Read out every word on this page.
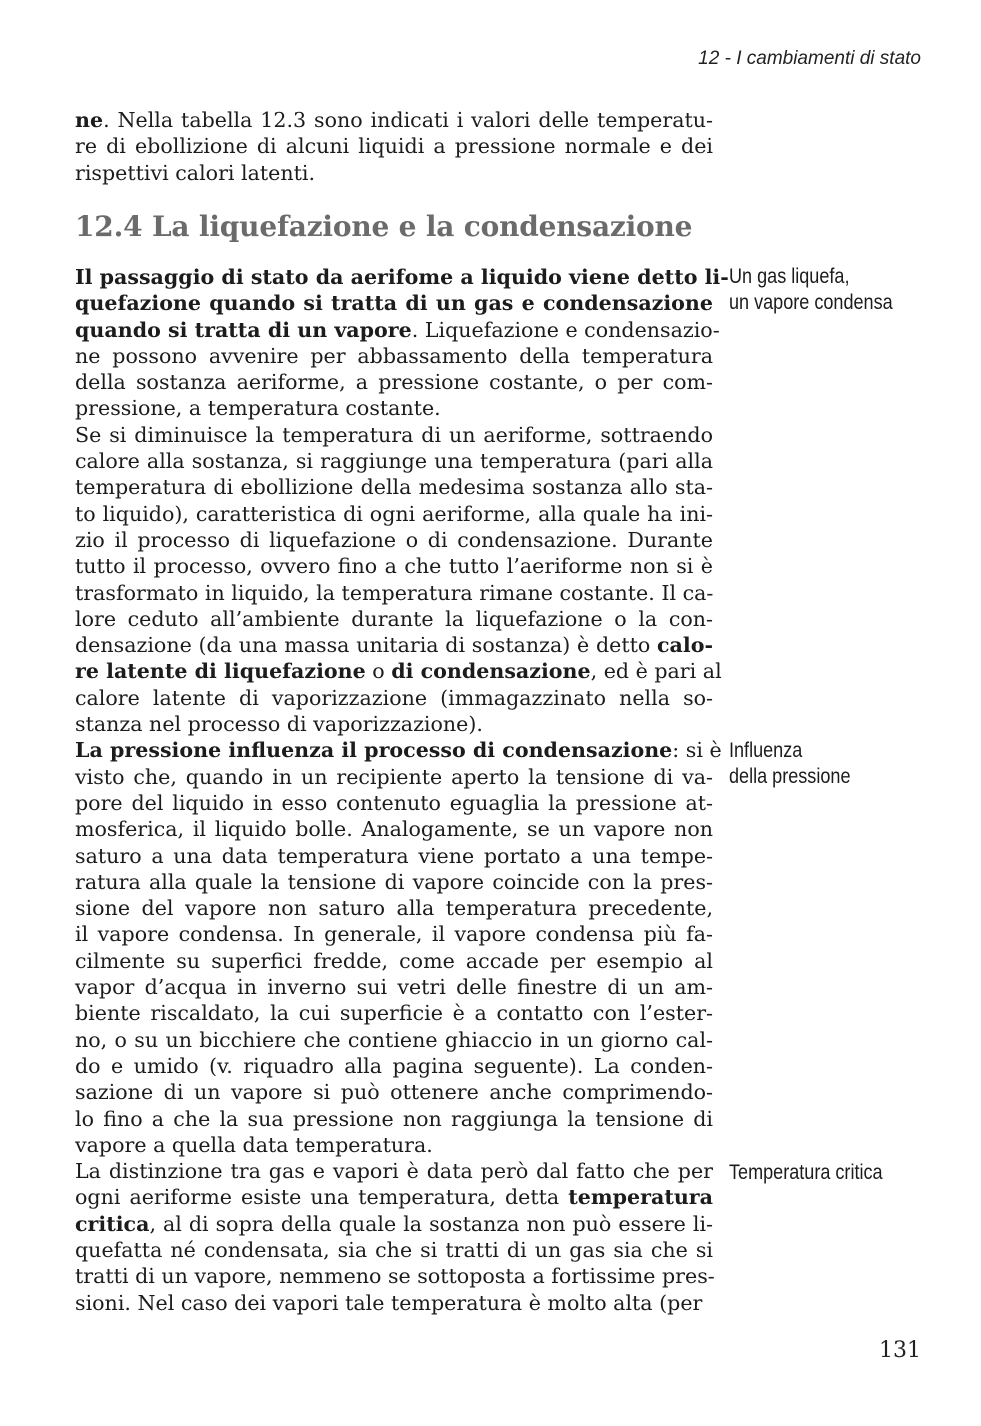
12 - I cambiamenti di stato
ne. Nella tabella 12.3 sono indicati i valori delle temperatu-
re di ebollizione di alcuni liquidi a pressione normale e dei
rispettivi calori latenti.
12.4 La liquefazione e la condensazione
Il passaggio di stato da aerifome a liquido viene detto li-
quefazione quando si tratta di un gas e condensazione
quando si tratta di un vapore. Liquefazione e condensazio-
ne possono avvenire per abbassamento della temperatura
della sostanza aeriforme, a pressione costante, o per com-
pressione, a temperatura costante.
Se si diminuisce la temperatura di un aeriforme, sottraendo
calore alla sostanza, si raggiunge una temperatura (pari alla
temperatura di ebollizione della medesima sostanza allo sta-
to liquido), caratteristica di ogni aeriforme, alla quale ha ini-
zio il processo di liquefazione o di condensazione. Durante
tutto il processo, ovvero fino a che tutto l’aeriforme non si è
trasformato in liquido, la temperatura rimane costante. Il ca-
lore ceduto all’ambiente durante la liquefazione o la con-
densazione (da una massa unitaria di sostanza) è detto calo-
re latente di liquefazione o di condensazione, ed è pari al
calore latente di vaporizzazione (immagazzinato nella so-
stanza nel processo di vaporizzazione).
La pressione influenza il processo di condensazione: si è
visto che, quando in un recipiente aperto la tensione di va-
pore del liquido in esso contenuto eguaglia la pressione at-
mosferica, il liquido bolle. Analogamente, se un vapore non
saturo a una data temperatura viene portato a una tempe-
ratura alla quale la tensione di vapore coincide con la pres-
sione del vapore non saturo alla temperatura precedente,
il vapore condensa. In generale, il vapore condensa più fa-
cilmente su superfici fredde, come accade per esempio al
vapor d’acqua in inverno sui vetri delle finestre di un am-
biente riscaldato, la cui superficie è a contatto con l’ester-
no, o su un bicchiere che contiene ghiaccio in un giorno cal-
do e umido (v. riquadro alla pagina seguente). La conden-
sazione di un vapore si può ottenere anche comprimendo-
lo fino a che la sua pressione non raggiunga la tensione di
vapore a quella data temperatura.
La distinzione tra gas e vapori è data però dal fatto che per
ogni aeriforme esiste una temperatura, detta temperatura
critica, al di sopra della quale la sostanza non può essere li-
quefatta né condensata, sia che si tratti di un gas sia che si
tratti di un vapore, nemmeno se sottoposta a fortissime pres-
sioni. Nel caso dei vapori tale temperatura è molto alta (per
Un gas liquefa,
un vapore condensa
Influenza
della pressione
Temperatura critica
131
